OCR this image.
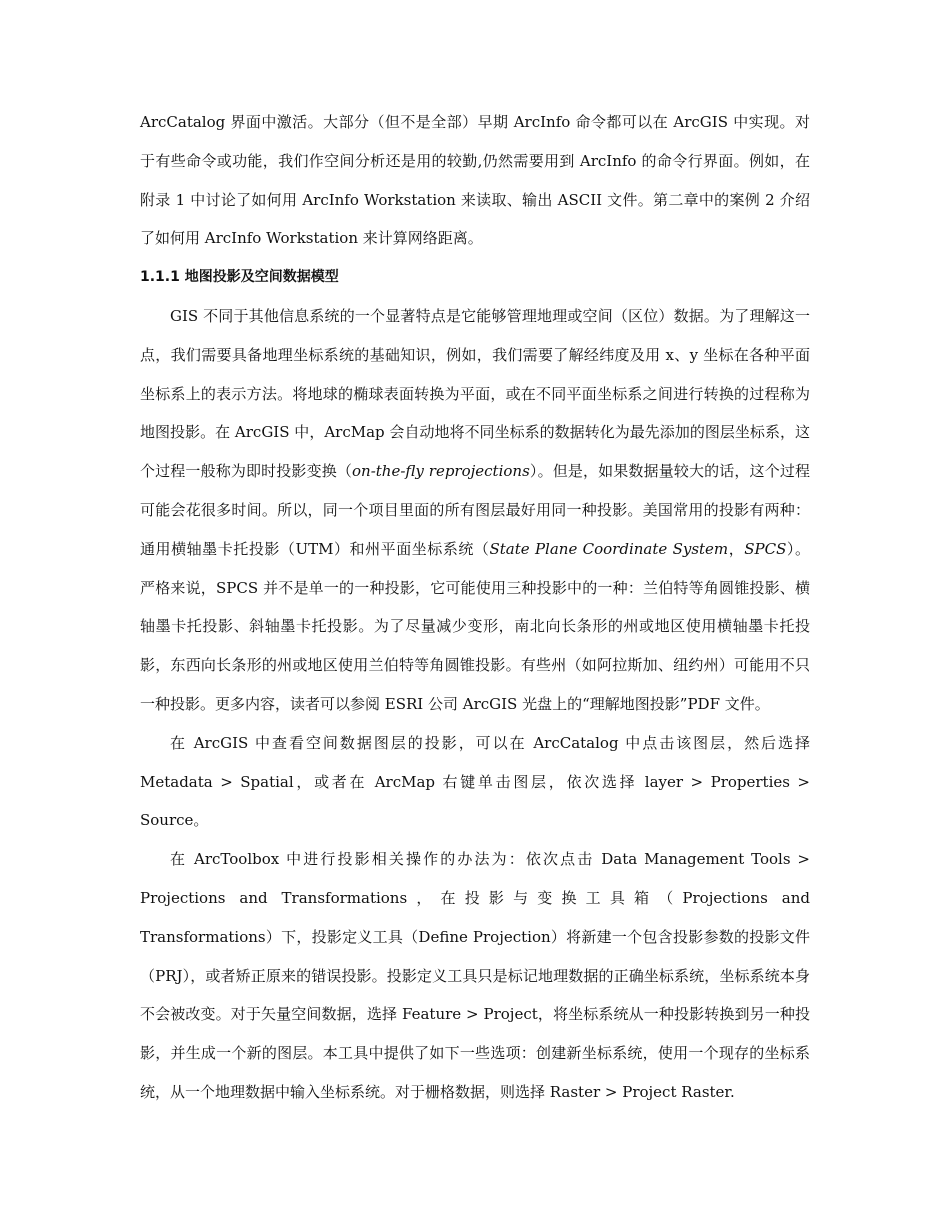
ArcCatalog 界面中激活。大部分（但不是全部）早期 ArcInfo 命令都可以在 ArcGIS 中实现。对于有些命令或功能，我们作空间分析还是用的较勤,仍然需要用到 ArcInfo 的命令行界面。例如，在附录 1 中讨论了如何用 ArcInfo Workstation 来读取、输出 ASCII 文件。第二章中的案例 2 介绍了如何用 ArcInfo Workstation 来计算网络距离。

1.1.1 地图投影及空间数据模型

GIS 不同于其他信息系统的一个显著特点是它能够管理地理或空间（区位）数据。为了理解这一点，我们需要具备地理坐标系统的基础知识，例如，我们需要了解经纬度及用 x、y 坐标在各种平面坐标系上的表示方法。将地球的椭球表面转换为平面，或在不同平面坐标系之间进行转换的过程称为地图投影。在 ArcGIS 中，ArcMap 会自动地将不同坐标系的数据转化为最先添加的图层坐标系，这个过程一般称为即时投影变换（on-the-fly reprojections）。但是，如果数据量较大的话，这个过程可能会花很多时间。所以，同一个项目里面的所有图层最好用同一种投影。美国常用的投影有两种：通用横轴墨卡托投影（UTM）和州平面坐标系统（State Plane Coordinate System，SPCS）。 严格来说，SPCS 并不是单一的一种投影，它可能使用三种投影中的一种：兰伯特等角圆锥投影、横轴墨卡托投影、斜轴墨卡托投影。为了尽量减少变形，南北向长条形的州或地区使用横轴墨卡托投影，东西向长条形的州或地区使用兰伯特等角圆锥投影。有些州（如阿拉斯加、纽约州）可能用不只一种投影。更多内容，读者可以参阅 ESRI 公司 ArcGIS 光盘上的“理解地图投影”PDF 文件。

在 ArcGIS 中查看空间数据图层的投影，可以在 ArcCatalog 中点击该图层，然后选择 Metadata > Spatial，或者在 ArcMap 右键单击图层，依次选择 layer > Properties > Source。

在 ArcToolbox 中进行投影相关操作的办法为：依次点击 Data Management Tools > Projections and Transformations，在投影与变换工具箱（Projections and Transformations）下，投影定义工具（Define Projection）将新建一个包含投影参数的投影文件（PRJ），或者矫正原来的错误投影。投影定义工具只是标记地理数据的正确坐标系统，坐标系统本身不会被改变。对于矢量空间数据，选择 Feature > Project，将坐标系统从一种投影转换到另一种投影，并生成一个新的图层。本工具中提供了如下一些选项：创建新坐标系统，使用一个现存的坐标系统，从一个地理数据中输入坐标系统。对于栅格数据，则选择 Raster > Project Raster.
